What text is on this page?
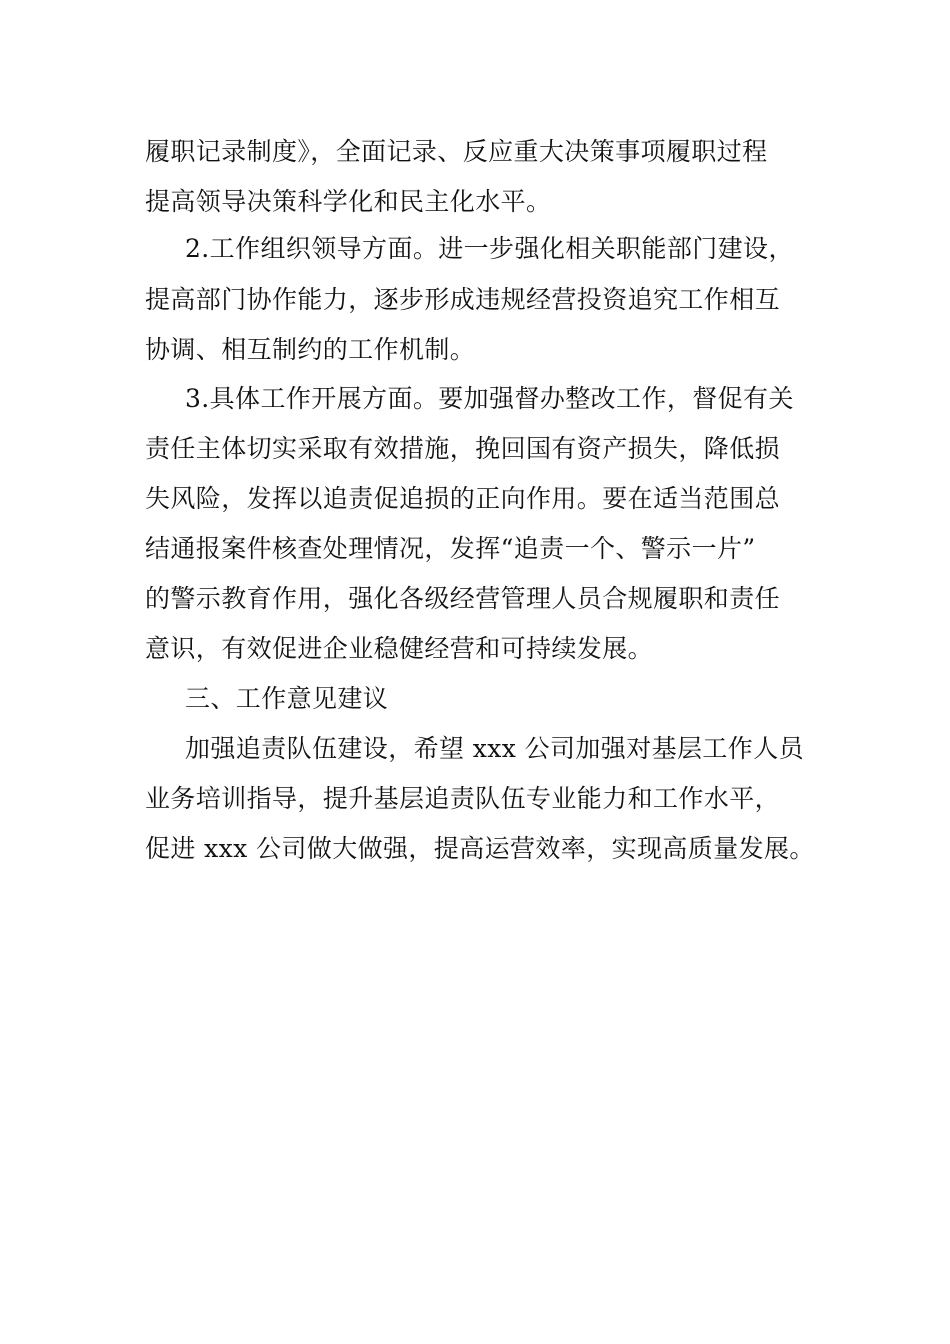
履职记录制度》，全面记录、反应重大决策事项履职过程
提高领导决策科学化和民主化水平。
2.工作组织领导方面。进一步强化相关职能部门建设，
提高部门协作能力，逐步形成违规经营投资追究工作相互
协调、相互制约的工作机制。
3.具体工作开展方面。要加强督办整改工作，督促有关
责任主体切实采取有效措施，挽回国有资产损失，降低损
失风险，发挥以追责促追损的正向作用。要在适当范围总
结通报案件核查处理情况，发挥“追责一个、警示一片”
的警示教育作用，强化各级经营管理人员合规履职和责任
意识，有效促进企业稳健经营和可持续发展。
三、工作意见建议
加强追责队伍建设，希望 xxx 公司加强对基层工作人员
业务培训指导，提升基层追责队伍专业能力和工作水平，
促进 xxx 公司做大做强，提高运营效率，实现高质量发展。
